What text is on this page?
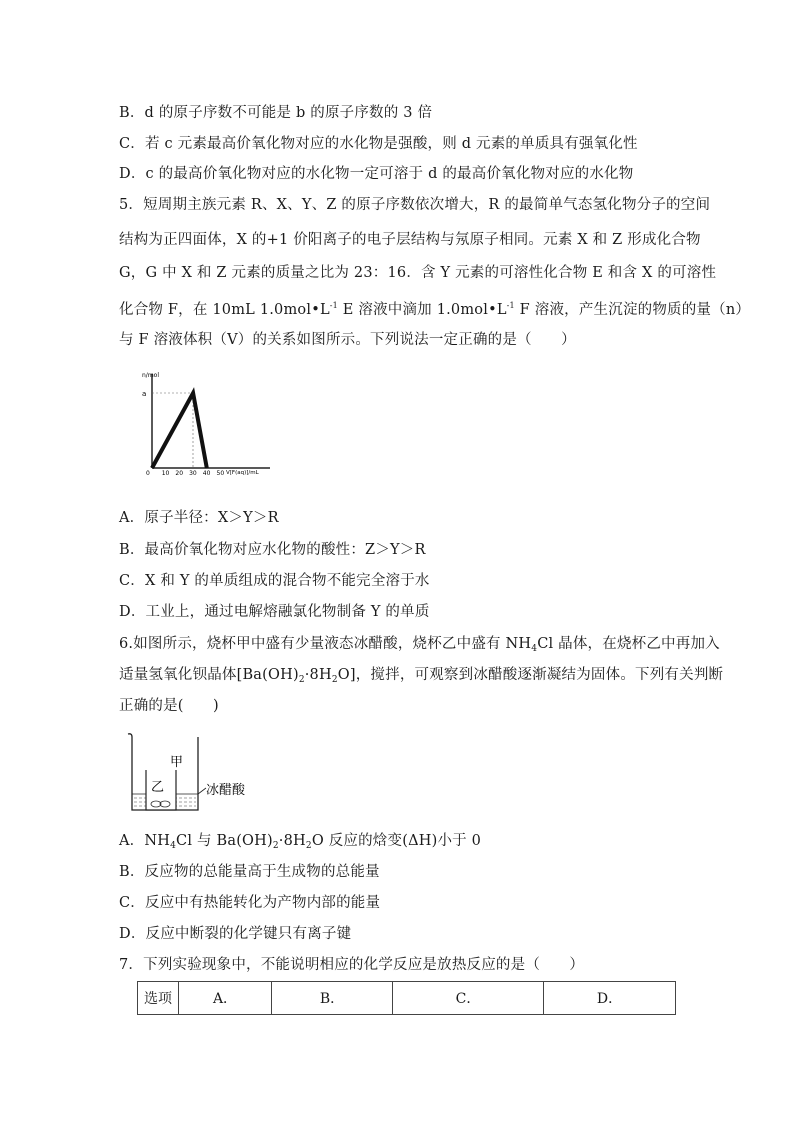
B．d 的原子序数不可能是 b 的原子序数的 3 倍
C．若 c 元素最高价氧化物对应的水化物是强酸，则 d 元素的单质具有强氧化性
D．c 的最高价氧化物对应的水化物一定可溶于 d 的最高价氧化物对应的水化物
5．短周期主族元素 R、X、Y、Z 的原子序数依次增大，R 的最简单气态氢化物分子的空间
结构为正四面体，X 的+1 价阳离子的电子层结构与氖原子相同。元素 X 和 Z 形成化合物
G，G 中 X 和 Z 元素的质量之比为 23：16．含 Y 元素的可溶性化合物 E 和含 X 的可溶性
化合物 F，在 10mL $1.0mol•L^{-1}$ E 溶液中滴加 $1.0mol•L^{-1}$ F 溶液，产生沉淀的物质的量（n）
与 F 溶液体积（V）的关系如图所示。下列说法一定正确的是（　　）
n/mol
a
10 20 30 40 50
0	V[F(aq)]/mL
A．原子半径：X＞Y＞R
B．最高价氧化物对应水化物的酸性：Z＞Y＞R
C．X 和 Y 的单质组成的混合物不能完全溶于水
D．工业上，通过电解熔融氯化物制备 Y 的单质
6.如图所示，烧杯甲中盛有少量液态冰醋酸，烧杯乙中盛有 $NH_4Cl$ 晶体，在烧杯乙中再加入
适量氢氧化钡晶体$[Ba(OH)_2\cdot 8H_2O]$，搅拌，可观察到冰醋酸逐渐凝结为固体。下列有关判断
正确的是(　　)
甲
乙	冰醋酸
A．$NH_4Cl$ 与 $Ba(OH)_2\cdot 8H_2O$ 反应的焓变(ΔH)小于 0
B．反应物的总能量高于生成物的总能量
C．反应中有热能转化为产物内部的能量
D．反应中断裂的化学键只有离子键
7．下列实验现象中，不能说明相应的化学反应是放热反应的是（　　）
选项	A．	B．	C．	D．
